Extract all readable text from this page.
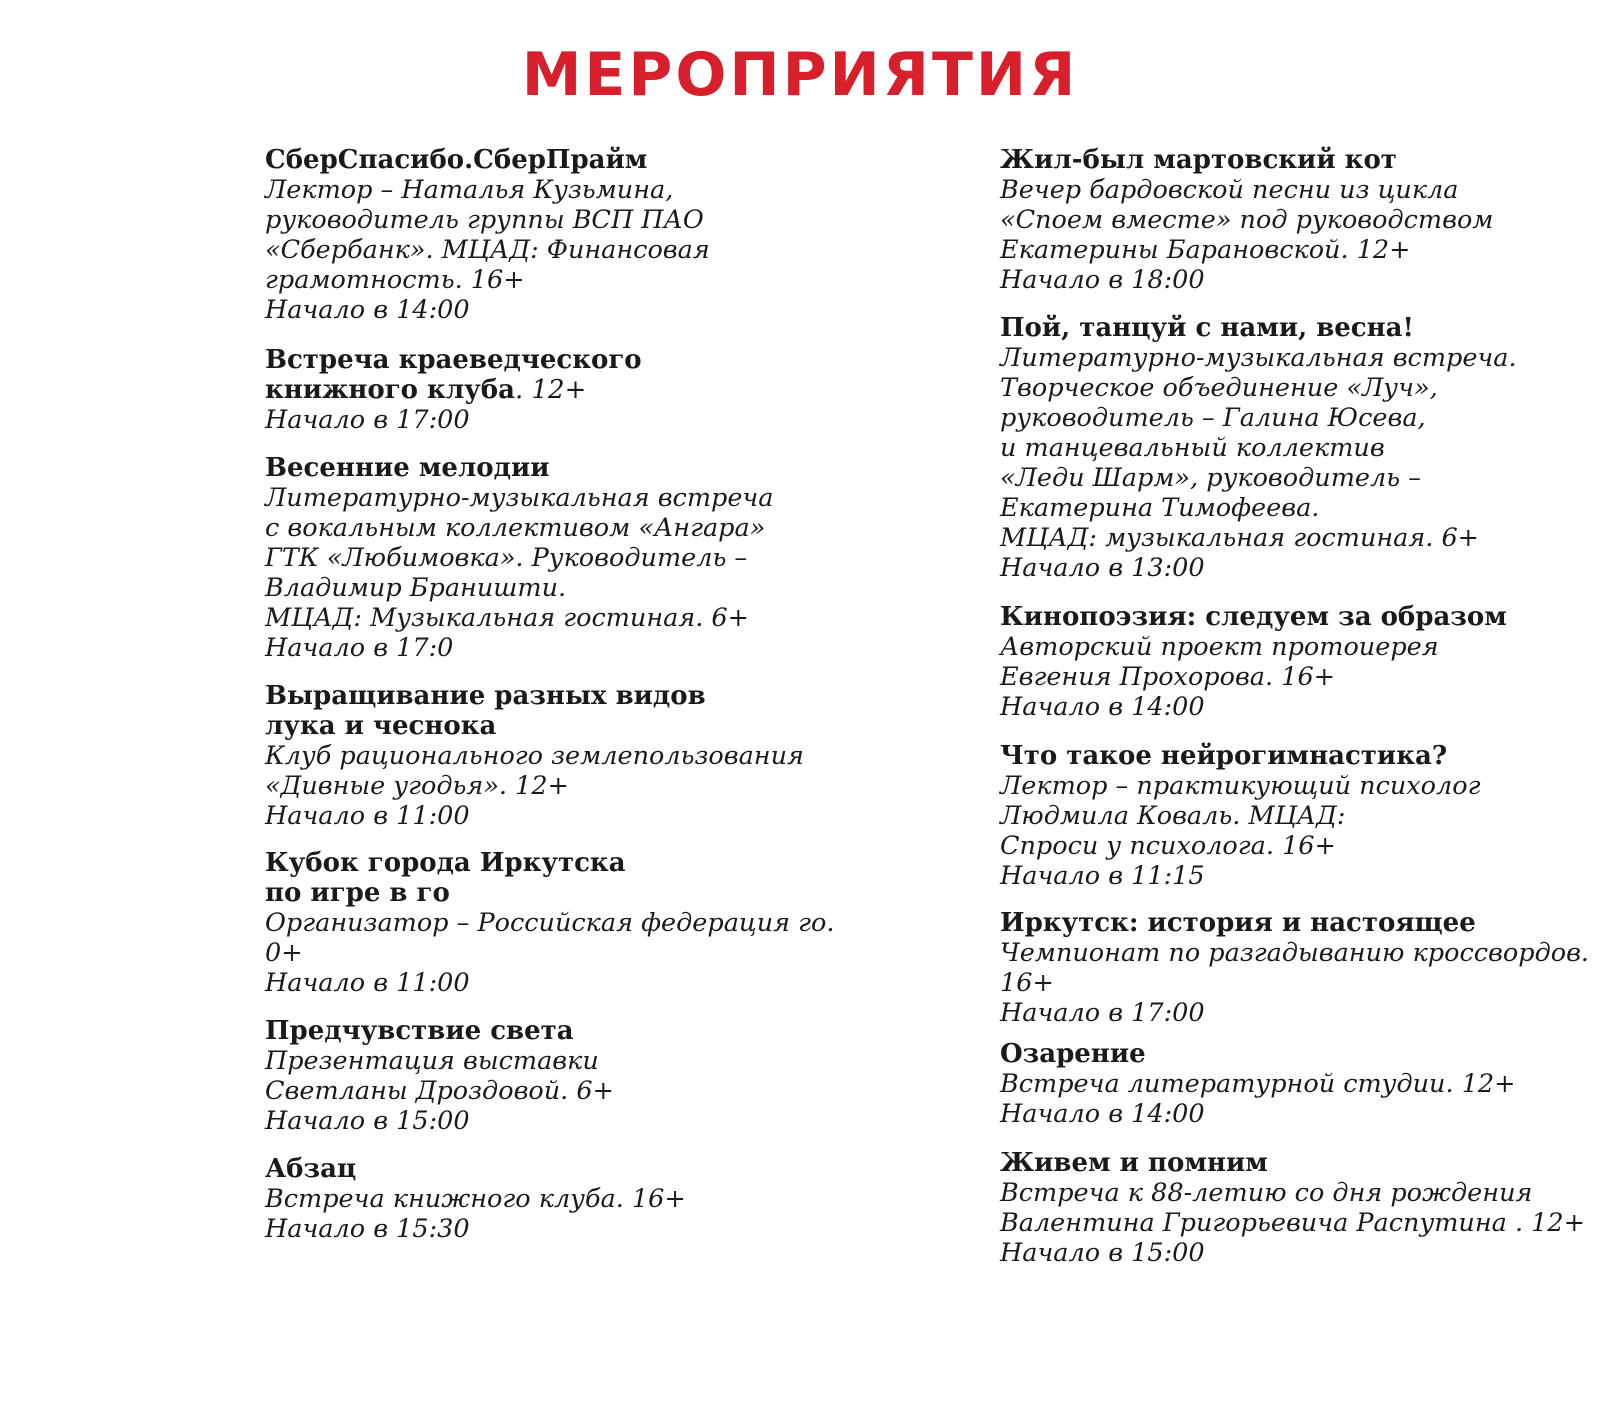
МЕРОПРИЯТИЯ
СберСпасибо.СберПрайм
Лектор – Наталья Кузьмина,
руководитель группы ВСП ПАО
«Сбербанк». МЦАД: Финансовая
грамотность. 16+
Начало в 14:00
Встреча краеведческого
книжного клуба. 12+
Начало в 17:00
Весенние мелодии
Литературно-музыкальная встреча
с вокальным коллективом «Ангара»
ГТК «Любимовка». Руководитель –
Владимир Браништи.
МЦАД: Музыкальная гостиная. 6+
Начало в 17:0
Выращивание разных видов
лука и чеснока
Клуб рационального землепользования
«Дивные угодья». 12+
Начало в 11:00
Кубок города Иркутска
по игре в го
Организатор – Российская федерация го.
0+
Начало в 11:00
Предчувствие света
Презентация выставки
Светланы Дроздовой. 6+
Начало в 15:00
Абзац
Встреча книжного клуба. 16+
Начало в 15:30
Жил-был мартовский кот
Вечер бардовской песни из цикла
«Споем вместе» под руководством
Екатерины Барановской. 12+
Начало в 18:00
Пой, танцуй с нами, весна!
Литературно-музыкальная встреча.
Творческое объединение «Луч»,
руководитель – Галина Юсева,
и танцевальный коллектив
«Леди Шарм», руководитель –
Екатерина Тимофеева.
МЦАД: музыкальная гостиная. 6+
Начало в 13:00
Кинопоэзия: следуем за образом
Авторский проект протоиерея
Евгения Прохорова. 16+
Начало в 14:00
Что такое нейрогимнастика?
Лектор – практикующий психолог
Людмила Коваль. МЦАД:
Спроси у психолога. 16+
Начало в 11:15
Иркутск: история и настоящее
Чемпионат по разгадыванию кроссвордов.
16+
Начало в 17:00
Озарение
Встреча литературной студии. 12+
Начало в 14:00
Живем и помним
Встреча к 88-летию со дня рождения
Валентина Григорьевича Распутина . 12+
Начало в 15:00
